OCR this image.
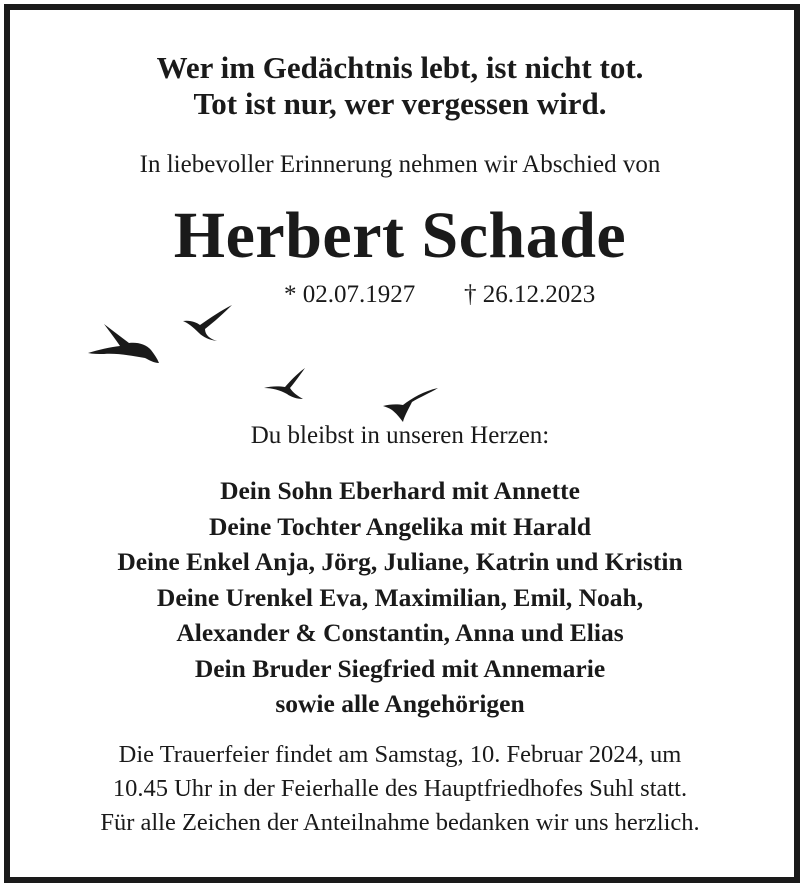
Wer im Gedächtnis lebt, ist nicht tot.
Tot ist nur, wer vergessen wird.
In liebevoller Erinnerung nehmen wir Abschied von
Herbert Schade
* 02.07.1927 † 26.12.2023
Du bleibst in unseren Herzen:
Dein Sohn Eberhard mit Annette
Deine Tochter Angelika mit Harald
Deine Enkel Anja, Jörg, Juliane, Katrin und Kristin
Deine Urenkel Eva, Maximilian, Emil, Noah,
Alexander & Constantin, Anna und Elias
Dein Bruder Siegfried mit Annemarie
sowie alle Angehörigen
Die Trauerfeier findet am Samstag, 10. Februar 2024, um
10.45 Uhr in der Feierhalle des Hauptfriedhofes Suhl statt.
Für alle Zeichen der Anteilnahme bedanken wir uns herzlich.
